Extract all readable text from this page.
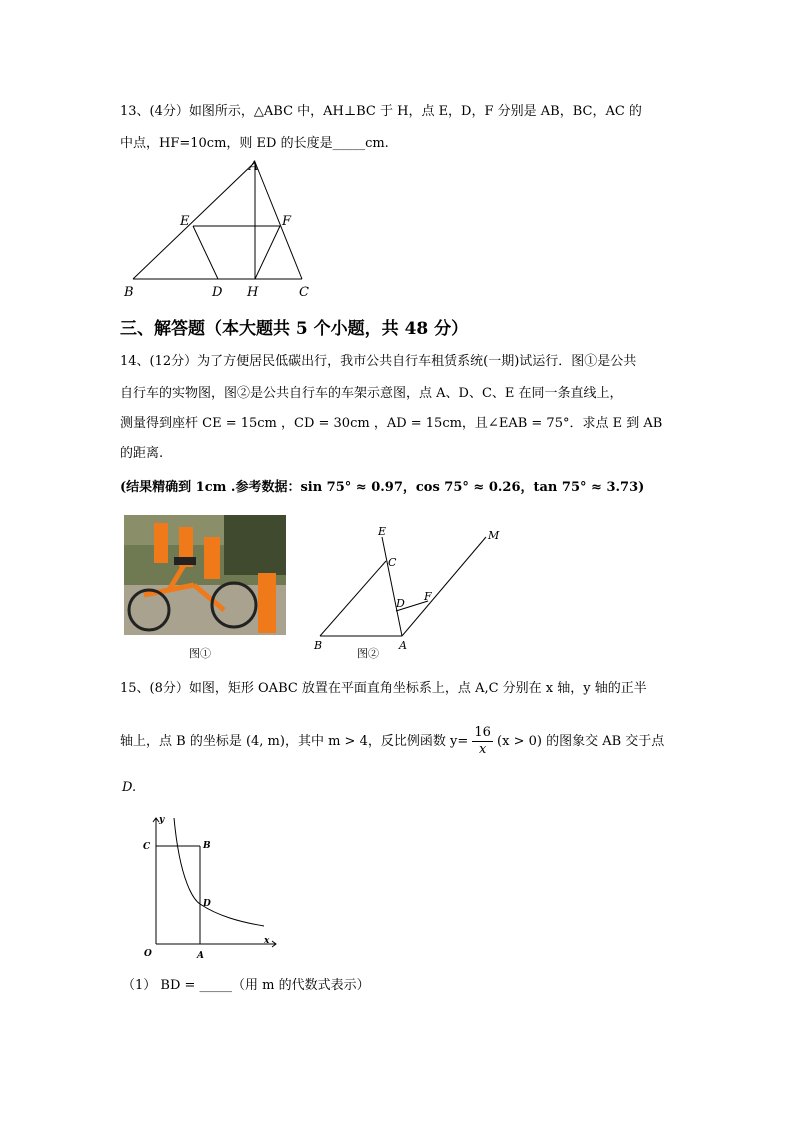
13、(4分）如图所示，△ABC 中，AH⊥BC 于 H，点 E，D，F 分别是 AB，BC，AC 的
中点，HF=10cm，则 ED 的长度是_____cm.
A
B	C
D H
E	F
三、解答题（本大题共 5 个小题，共 48 分）
14、(12分）为了方便居民低碳出行，我市公共自行车租赁系统(一期)试运行．图①是公共
自行车的实物图，图②是公共自行车的车架示意图，点 A、D、C、E 在同一条直线上，
测量得到座杆 CE = 15cm ，CD = 30cm ，AD = 15cm，且∠EAB = 75°．求点 E 到 AB
的距离.
(结果精确到 1cm .参考数据：sin 75° ≈ 0.97，cos 75° ≈ 0.26，tan 75° ≈ 3.73)
图①
E
C
D
F
M
B	A
图②
15、(8分）如图，矩形 OABC 放置在平面直角坐标系上，点 A,C 分别在 x 轴，y 轴的正半
轴上，点 B 的坐标是 (4, m)，其中 m > 4，反比例函数 $y= \frac{16}{x} (x > 0)$ 的图象交 AB 交于点
D.
y
x
O	A
B
C
D
（1） BD = _____（用 m 的代数式表示）
